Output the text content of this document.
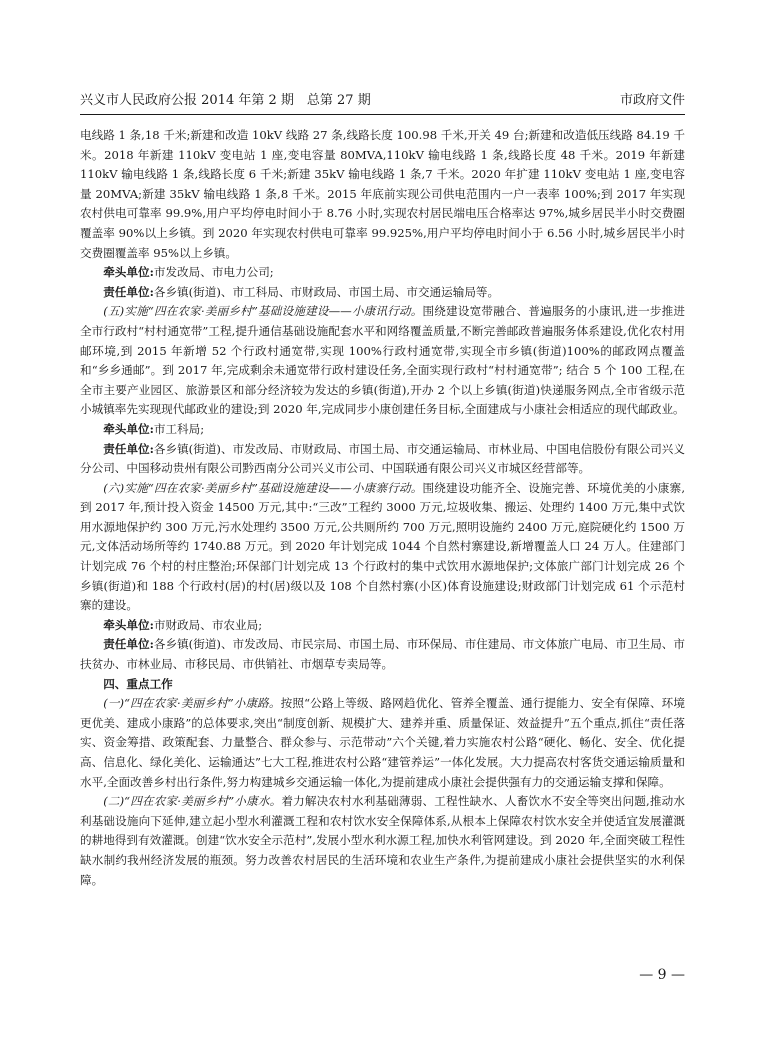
兴义市人民政府公报 2014 年第 2 期　总第 27 期	市政府文件

电线路 1 条,18 千米;新建和改造 10kV 线路 27 条,线路长度 100.98 千米,开关 49 台;新建和改造低压线路 84.19 千米。2018 年新建 110kV 变电站 1 座,变电容量 80MVA,110kV 输电线路 1 条,线路长度 48 千米。2019 年新建 110kV 输电线路 1 条,线路长度 6 千米;新建 35kV 输电线路 1 条,7 千米。2020 年扩建 110kV 变电站 1 座,变电容量 20MVA;新建 35kV 输电线路 1 条,8 千米。2015 年底前实现公司供电范围内一户一表率 100%;到 2017 年实现农村供电可靠率 99.9%,用户平均停电时间小于 8.76 小时,实现农村居民端电压合格率达 97%,城乡居民半小时交费圈覆盖率 90%以上乡镇。到 2020 年实现农村供电可靠率 99.925%,用户平均停电时间小于 6.56 小时,城乡居民半小时交费圈覆盖率 95%以上乡镇。

牵头单位:市发改局、市电力公司;

责任单位:各乡镇(街道)、市工科局、市财政局、市国土局、市交通运输局等。

(五)实施“四在农家·美丽乡村”基础设施建设——小康讯行动。围绕建设宽带融合、普遍服务的小康讯,进一步推进全市行政村“村村通宽带”工程,提升通信基础设施配套水平和网络覆盖质量,不断完善邮政普遍服务体系建设,优化农村用邮环境,到 2015 年新增 52 个行政村通宽带,实现 100%行政村通宽带,实现全市乡镇(街道)100%的邮政网点覆盖和“乡乡通邮”。到 2017 年,完成剩余未通宽带行政村建设任务,全面实现行政村“村村通宽带”; 结合 5 个 100 工程,在全市主要产业园区、旅游景区和部分经济较为发达的乡镇(街道),开办 2 个以上乡镇(街道)快递服务网点,全市省级示范小城镇率先实现现代邮政业的建设;到 2020 年,完成同步小康创建任务目标,全面建成与小康社会相适应的现代邮政业。

牵头单位:市工科局;

责任单位:各乡镇(街道)、市发改局、市财政局、市国土局、市交通运输局、市林业局、中国电信股份有限公司兴义分公司、中国移动贵州有限公司黔西南分公司兴义市公司、中国联通有限公司兴义市城区经营部等。

(六)实施“四在农家·美丽乡村”基础设施建设——小康寨行动。围绕建设功能齐全、设施完善、环境优美的小康寨,到 2017 年,预计投入资金 14500 万元,其中:“三改”工程约 3000 万元,垃圾收集、搬运、处理约 1400 万元,集中式饮用水源地保护约 300 万元,污水处理约 3500 万元,公共厕所约 700 万元,照明设施约 2400 万元,庭院硬化约 1500 万元,文体活动场所等约 1740.88 万元。到 2020 年计划完成 1044 个自然村寨建设,新增覆盖人口 24 万人。住建部门计划完成 76 个村的村庄整治;环保部门计划完成 13 个行政村的集中式饮用水源地保护;文体旅广部门计划完成 26 个乡镇(街道)和 188 个行政村(居)的村(居)级以及 108 个自然村寨(小区)体育设施建设;财政部门计划完成 61 个示范村寨的建设。

牵头单位:市财政局、市农业局;

责任单位:各乡镇(街道)、市发改局、市民宗局、市国土局、市环保局、市住建局、市文体旅广电局、市卫生局、市扶贫办、市林业局、市移民局、市供销社、市烟草专卖局等。

四、重点工作

(一)“四在农家·美丽乡村”小康路。按照“公路上等级、路网趋优化、管养全覆盖、通行提能力、安全有保障、环境更优美、建成小康路”的总体要求,突出“制度创新、规模扩大、建养并重、质量保证、效益提升”五个重点,抓住“责任落实、资金筹措、政策配套、力量整合、群众参与、示范带动”六个关键,着力实施农村公路“硬化、畅化、安全、优化提高、信息化、绿化美化、运输通达”七大工程,推进农村公路“建管养运”一体化发展。大力提高农村客货交通运输质量和水平,全面改善乡村出行条件,努力构建城乡交通运输一体化,为提前建成小康社会提供强有力的交通运输支撑和保障。

(二)“四在农家·美丽乡村”小康水。着力解决农村水利基础薄弱、工程性缺水、人畜饮水不安全等突出问题,推动水利基础设施向下延伸,建立起小型水利灌溉工程和农村饮水安全保障体系,从根本上保障农村饮水安全并使适宜发展灌溉的耕地得到有效灌溉。创建“饮水安全示范村”,发展小型水利水源工程,加快水利管网建设。到 2020 年,全面突破工程性缺水制约我州经济发展的瓶颈。努力改善农村居民的生活环境和农业生产条件,为提前建成小康社会提供坚实的水利保障。

— 9 —
